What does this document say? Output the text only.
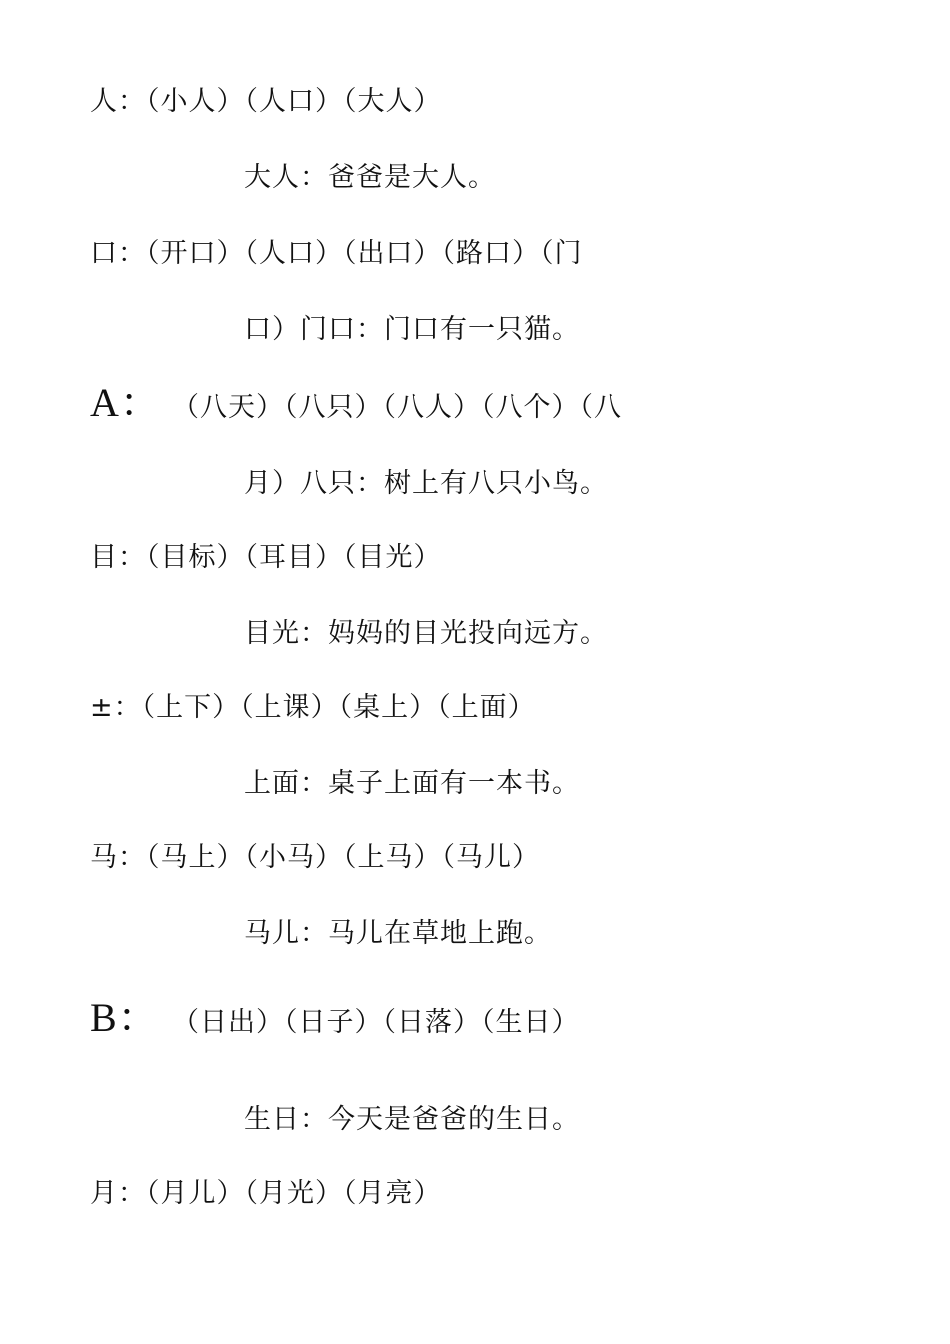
人：（小人）（人口）（大人）
大人：爸爸是大人。
口：（开口）（人口）（出口）（路口）（门
口）门口：门口有一只猫。
A： （八天）（八只）（八人）（八个）（八
月）八只：树上有八只小鸟。
目：（目标）（耳目）（目光）
目光：妈妈的目光投向远方。
±：（上下）（上课）（桌上）（上面）
上面：桌子上面有一本书。
马：（马上）（小马）（上马）（马儿）
马儿：马儿在草地上跑。
B： （日出）（日子）（日落）（生日）
生日：今天是爸爸的生日。
月：（月儿）（月光）（月亮）
